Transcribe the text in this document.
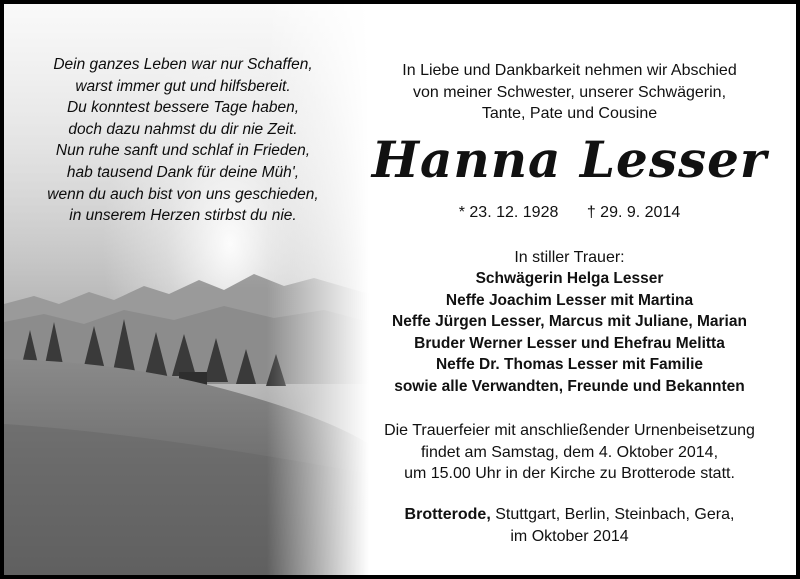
Dein ganzes Leben war nur Schaffen,
warst immer gut und hilfsbereit.
Du konntest bessere Tage haben,
doch dazu nahmst du dir nie Zeit.
Nun ruhe sanft und schlaf in Frieden,
hab tausend Dank für deine Müh',
wenn du auch bist von uns geschieden,
in unserem Herzen stirbst du nie.
In Liebe und Dankbarkeit nehmen wir Abschied
von meiner Schwester, unserer Schwägerin,
Tante, Pate und Cousine
Hanna Lesser
* 23. 12. 1928 † 29. 9. 2014
In stiller Trauer:
Schwägerin Helga Lesser
Neffe Joachim Lesser mit Martina
Neffe Jürgen Lesser, Marcus mit Juliane, Marian
Bruder Werner Lesser und Ehefrau Melitta
Neffe Dr. Thomas Lesser mit Familie
sowie alle Verwandten, Freunde und Bekannten
Die Trauerfeier mit anschließender Urnenbeisetzung
findet am Samstag, dem 4. Oktober 2014,
um 15.00 Uhr in der Kirche zu Brotterode statt.
Brotterode, Stuttgart, Berlin, Steinbach, Gera,
im Oktober 2014
